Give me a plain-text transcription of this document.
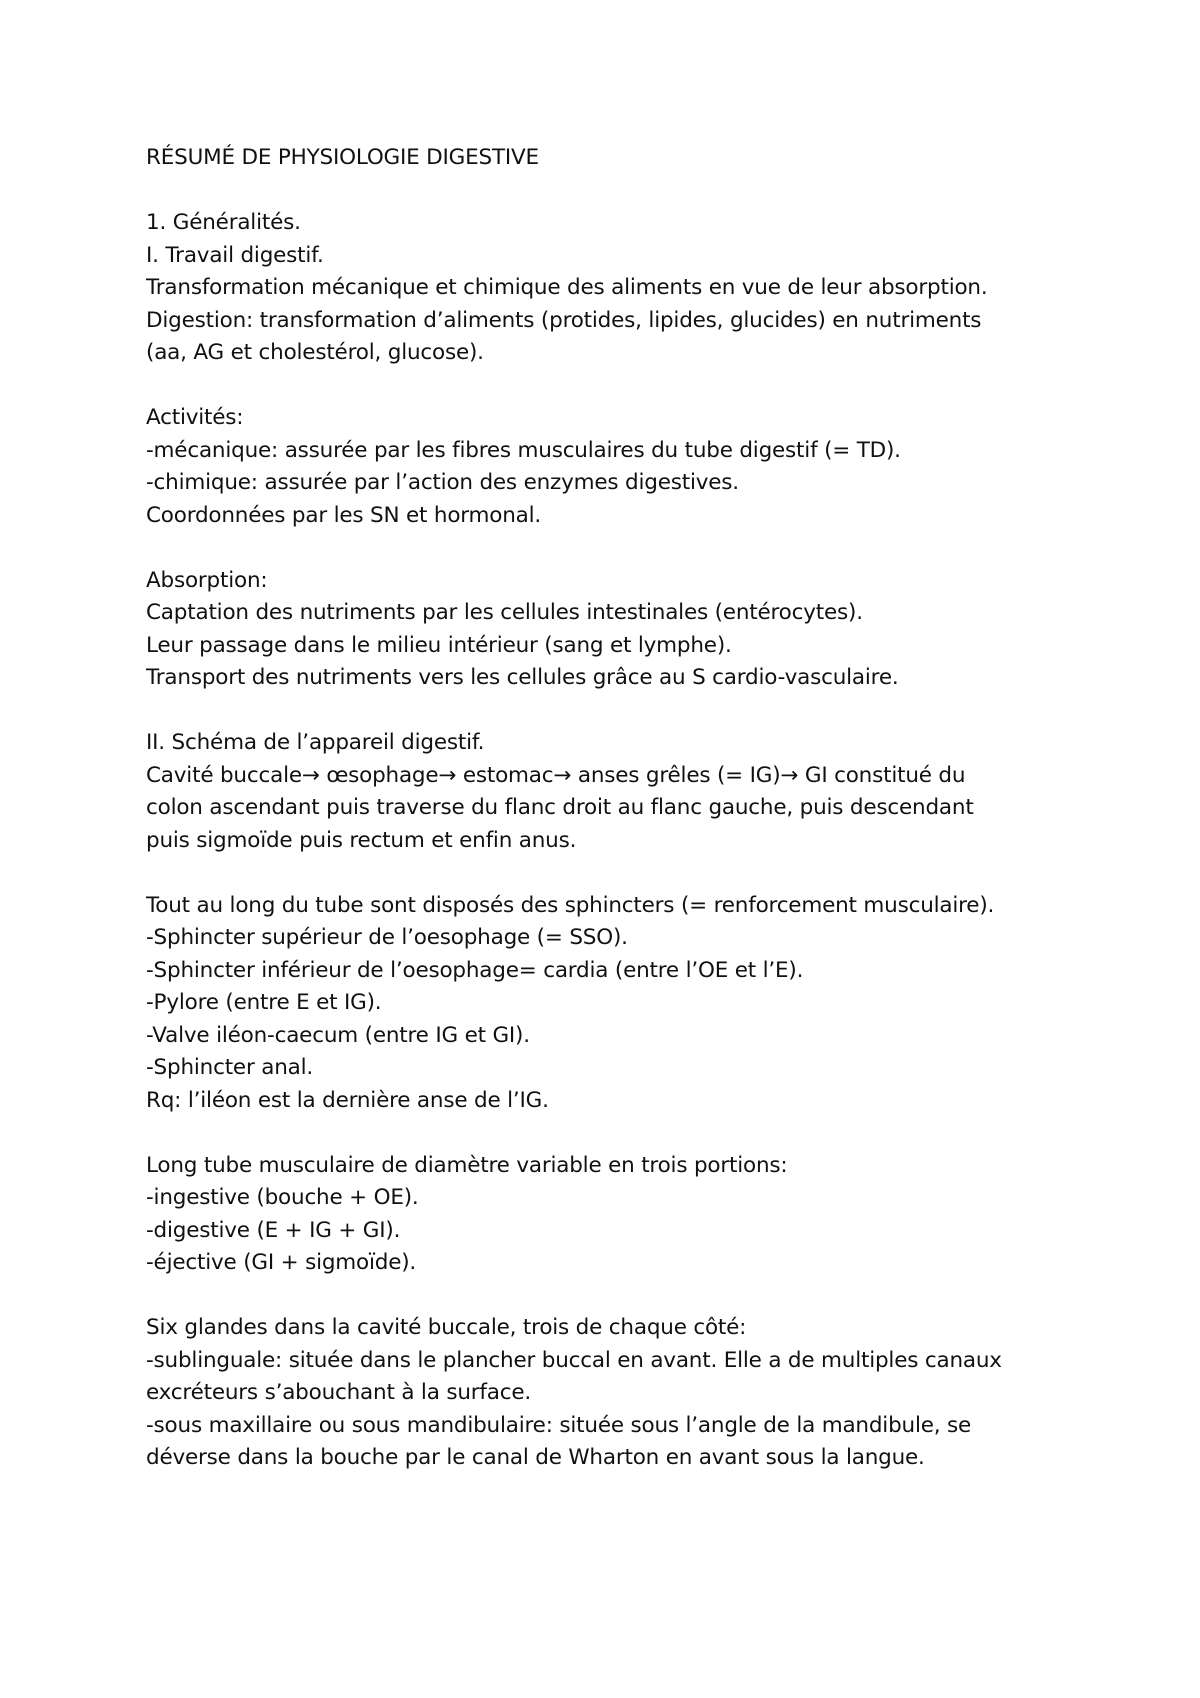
RÉSUMÉ DE PHYSIOLOGIE DIGESTIVE
1. Généralités.
I. Travail digestif.
Transformation mécanique et chimique des aliments en vue de leur absorption.
Digestion: transformation d’aliments (protides, lipides, glucides) en nutriments
(aa, AG et cholestérol, glucose).
Activités:
-mécanique: assurée par les fibres musculaires du tube digestif (= TD).
-chimique: assurée par l’action des enzymes digestives.
Coordonnées par les SN et hormonal.
Absorption:
Captation des nutriments par les cellules intestinales (entérocytes).
Leur passage dans le milieu intérieur (sang et lymphe).
Transport des nutriments vers les cellules grâce au S cardio-vasculaire.
II. Schéma de l’appareil digestif.
Cavité buccale→ œsophage→ estomac→ anses grêles (= IG)→ GI constitué du
colon ascendant puis traverse du flanc droit au flanc gauche, puis descendant
puis sigmoïde puis rectum et enfin anus.
Tout au long du tube sont disposés des sphincters (= renforcement musculaire).
-Sphincter supérieur de l’oesophage (= SSO).
-Sphincter inférieur de l’oesophage= cardia (entre l’OE et l’E).
-Pylore (entre E et IG).
-Valve iléon-caecum (entre IG et GI).
-Sphincter anal.
Rq: l’iléon est la dernière anse de l’IG.
Long tube musculaire de diamètre variable en trois portions:
-ingestive (bouche + OE).
-digestive (E + IG + GI).
-éjective (GI + sigmoïde).
Six glandes dans la cavité buccale, trois de chaque côté:
-sublinguale: située dans le plancher buccal en avant. Elle a de multiples canaux
excréteurs s’abouchant à la surface.
-sous maxillaire ou sous mandibulaire: située sous l’angle de la mandibule, se
déverse dans la bouche par le canal de Wharton en avant sous la langue.
